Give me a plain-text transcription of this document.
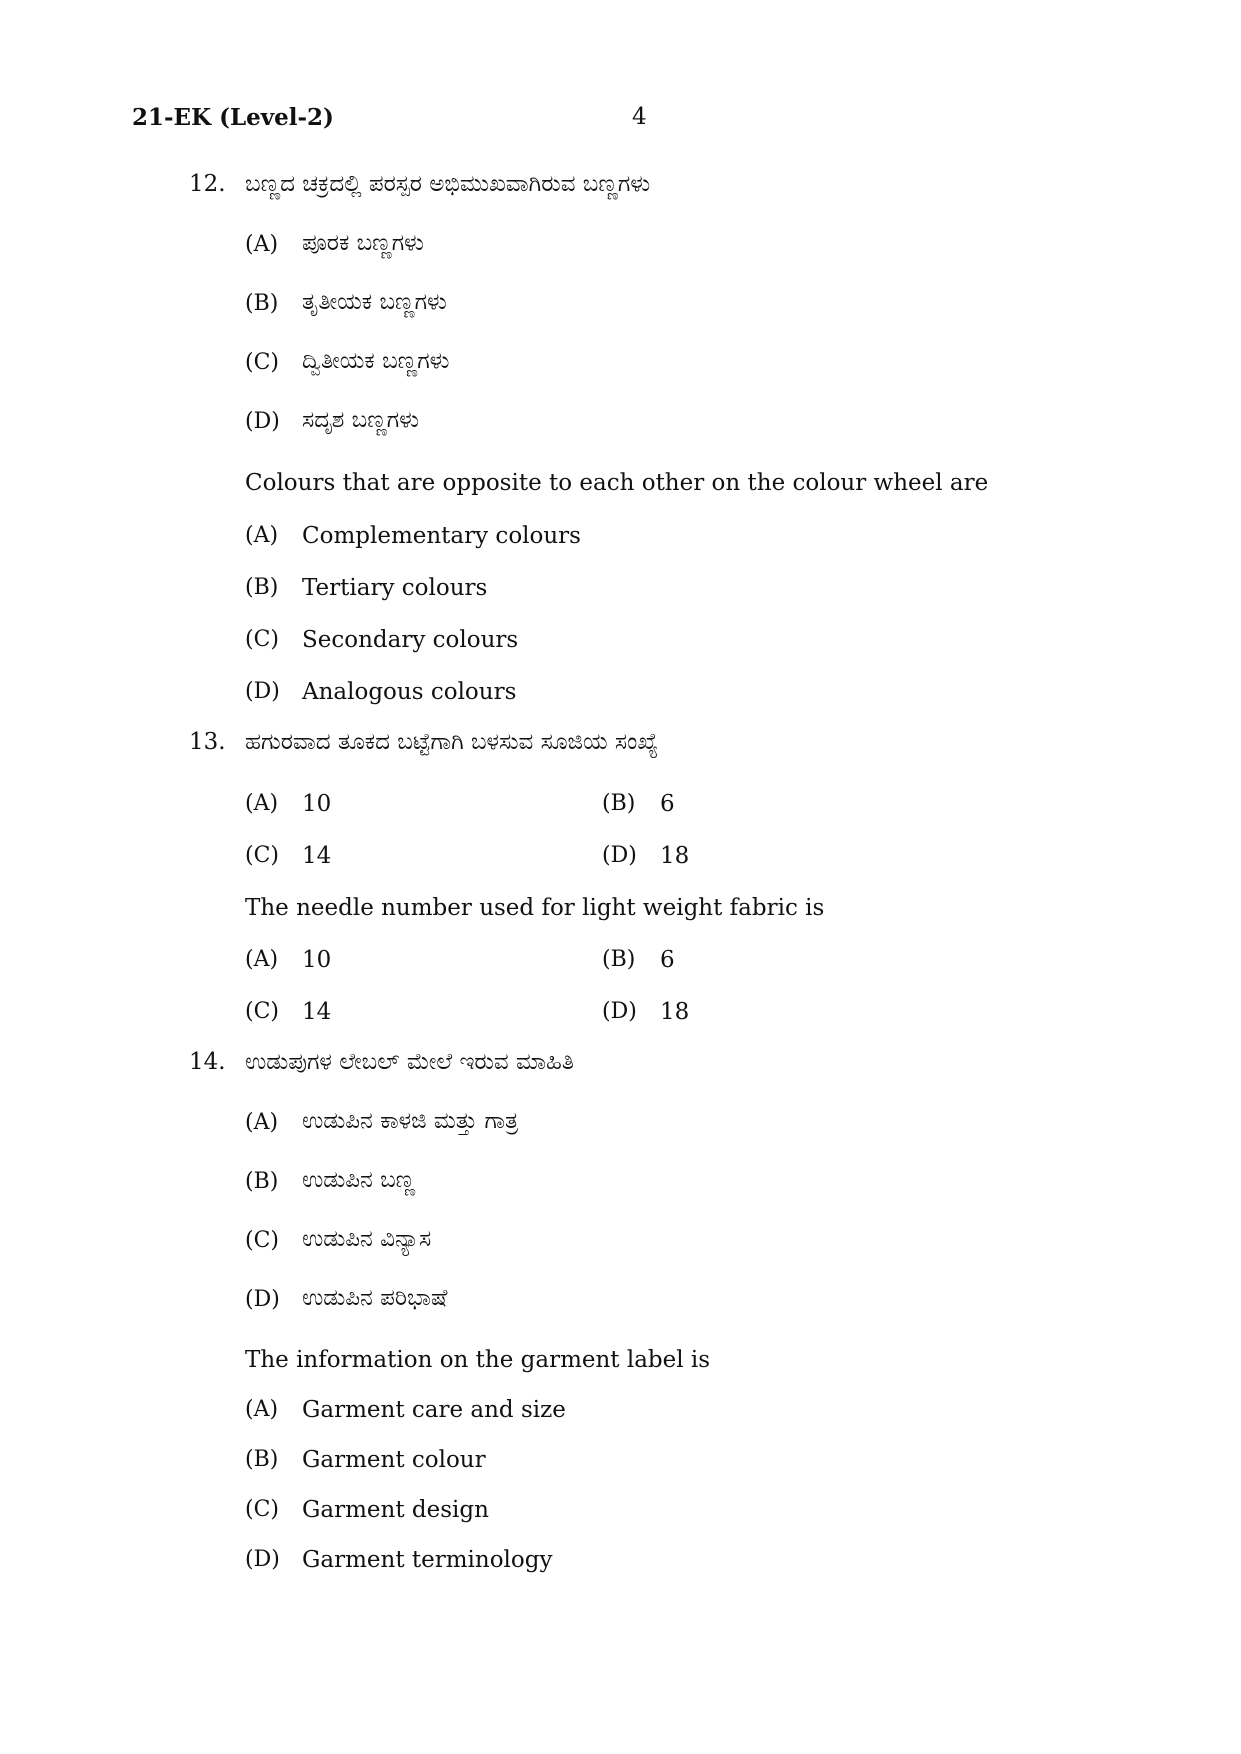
21-EK (Level-2)	4
12. ಬಣ್ಣದ ಚಕ್ರದಲ್ಲಿ ಪರಸ್ಪರ ಅಭಿಮುಖವಾಗಿರುವ ಬಣ್ಣಗಳು
(A) ಪೂರಕ ಬಣ್ಣಗಳು
(B) ತೃತೀಯಕ ಬಣ್ಣಗಳು
(C) ದ್ವಿತೀಯಕ ಬಣ್ಣಗಳು
(D) ಸದೃಶ ಬಣ್ಣಗಳು
Colours that are opposite to each other on the colour wheel are
(A) Complementary colours
(B) Tertiary colours
(C) Secondary colours
(D) Analogous colours
13. ಹಗುರವಾದ ತೂಕದ ಬಟ್ಟೆಗಾಗಿ ಬಳಸುವ ಸೂಜಿಯ ಸಂಖ್ಯೆ
(A) 10	(B) 6
(C) 14	(D) 18
The needle number used for light weight fabric is
(A) 10	(B) 6
(C) 14	(D) 18
14. ಉಡುಪುಗಳ ಲೇಬಲ್ ಮೇಲೆ ಇರುವ ಮಾಹಿತಿ
(A) ಉಡುಪಿನ ಕಾಳಜಿ ಮತ್ತು ಗಾತ್ರ
(B) ಉಡುಪಿನ ಬಣ್ಣ
(C) ಉಡುಪಿನ ವಿನ್ಯಾಸ
(D) ಉಡುಪಿನ ಪರಿಭಾಷೆ
The information on the garment label is
(A) Garment care and size
(B) Garment colour
(C) Garment design
(D) Garment terminology
